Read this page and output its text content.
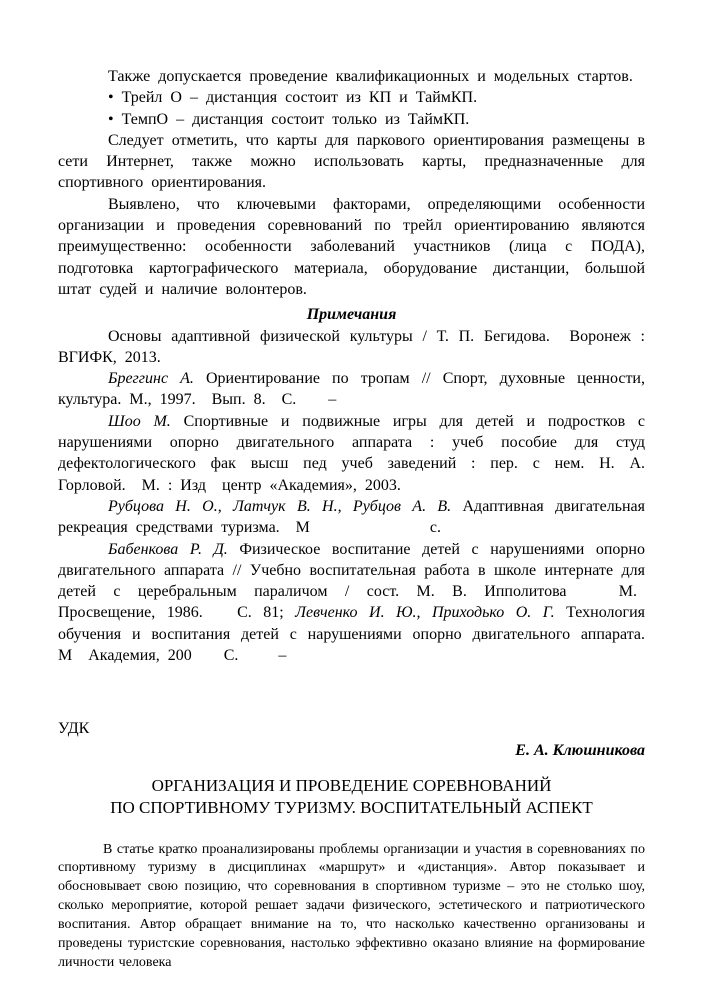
Также допускается проведение квалификационных и модельных стартов.

• Трейл О – дистанция состоит из КП и ТаймКП.

• ТемпО – дистанция состоит только из ТаймКП.

Следует отметить, что карты для паркового ориентирования размещены в сети Интернет, также можно использовать карты, предназначенные для спортивного ориентирования.

Выявлено, что ключевыми факторами, определяющими особенности организации и проведения соревнований по трейл ориентированию являются преимущественно: особенности заболеваний участников (лица с ПОДА), подготовка картографического материала, оборудование дистанции, большой штат судей и наличие волонтеров.

Примечания

Основы адаптивной физической культуры / Т. П. Бегидова.  Воронеж : ВГИФК, 2013.

Бреггинс А. Ориентирование по тропам // Спорт, духовные ценности, культура. М., 1997.  Вып. 8.  С.    –

Шоо М. Спортивные и подвижные игры для детей и подростков с нарушениями опорно двигательного аппарата : учеб пособие для студ дефектологического фак высш пед учеб заведений : пер. с нем. Н. А. Горловой.  М. : Изд  центр «Академия», 2003.

Рубцова Н. О., Латчук В. Н., Рубцов А. В. Адаптивная двигательная рекреация средствами туризма.  М               с.

Бабенкова Р. Д. Физическое воспитание детей с нарушениями опорно двигательного аппарата // Учебно воспитательная работа в школе интернате для детей с церебральным параличом / сост. М. В. Ипполитова   М.  Просвещение, 1986.   С. 81; Левченко И. Ю., Приходько О. Г. Технология обучения и воспитания детей с нарушениями опорно двигательного аппарата. М  Академия, 200    С.     –

УДК

Е. А. Клюшникова

ОРГАНИЗАЦИЯ И ПРОВЕДЕНИЕ СОРЕВНОВАНИЙ
ПО СПОРТИВНОМУ ТУРИЗМУ. ВОСПИТАТЕЛЬНЫЙ АСПЕКТ

В статье кратко проанализированы проблемы организации и участия в соревнованиях по спортивному туризму в дисциплинах «маршрут» и «дистанция». Автор показывает и обосновывает свою позицию, что соревнования в спортивном туризме – это не столько шоу, сколько мероприятие, которой решает задачи физического, эстетического и патриотического воспитания. Автор обращает внимание на то, что насколько качественно организованы и проведены туристские соревнования, настолько эффективно оказано влияние на формирование личности человека
